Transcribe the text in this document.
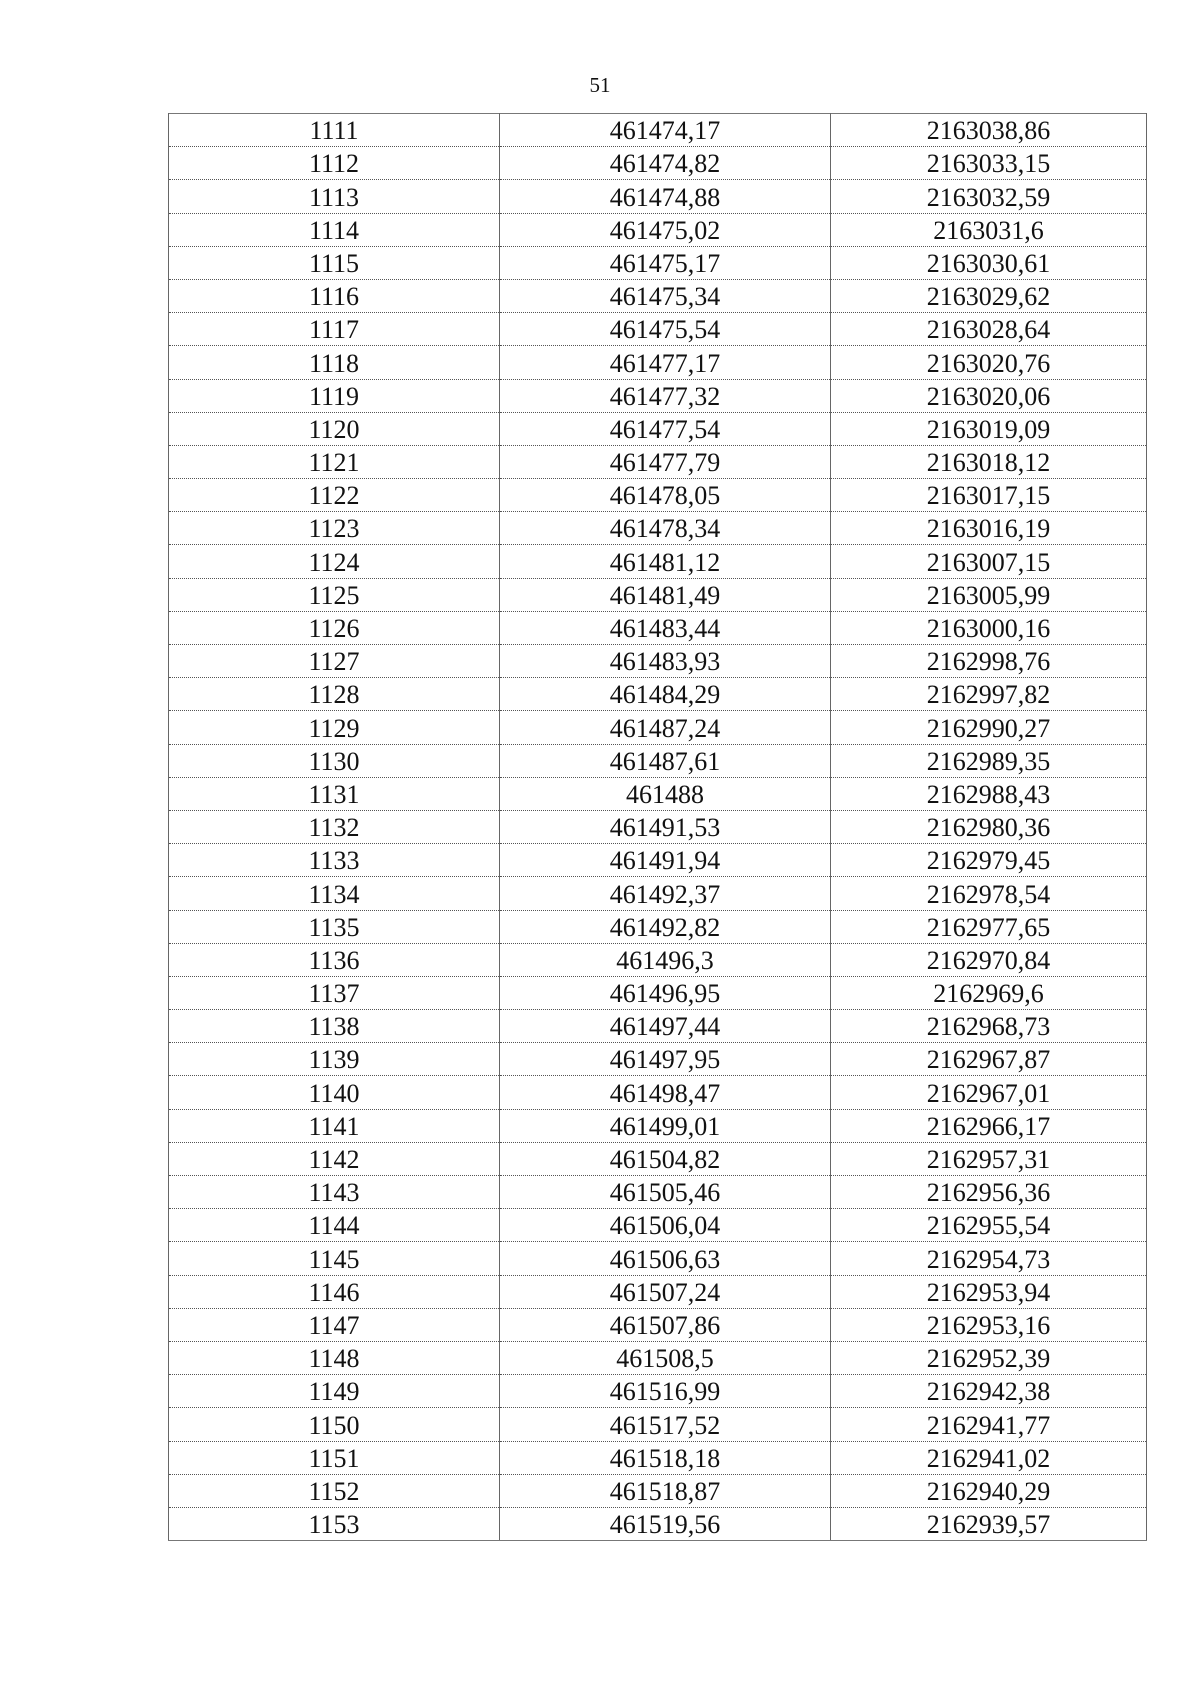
51
1111	461474,17	2163038,86
1112	461474,82	2163033,15
1113	461474,88	2163032,59
1114	461475,02	2163031,6
1115	461475,17	2163030,61
1116	461475,34	2163029,62
1117	461475,54	2163028,64
1118	461477,17	2163020,76
1119	461477,32	2163020,06
1120	461477,54	2163019,09
1121	461477,79	2163018,12
1122	461478,05	2163017,15
1123	461478,34	2163016,19
1124	461481,12	2163007,15
1125	461481,49	2163005,99
1126	461483,44	2163000,16
1127	461483,93	2162998,76
1128	461484,29	2162997,82
1129	461487,24	2162990,27
1130	461487,61	2162989,35
1131	461488	2162988,43
1132	461491,53	2162980,36
1133	461491,94	2162979,45
1134	461492,37	2162978,54
1135	461492,82	2162977,65
1136	461496,3	2162970,84
1137	461496,95	2162969,6
1138	461497,44	2162968,73
1139	461497,95	2162967,87
1140	461498,47	2162967,01
1141	461499,01	2162966,17
1142	461504,82	2162957,31
1143	461505,46	2162956,36
1144	461506,04	2162955,54
1145	461506,63	2162954,73
1146	461507,24	2162953,94
1147	461507,86	2162953,16
1148	461508,5	2162952,39
1149	461516,99	2162942,38
1150	461517,52	2162941,77
1151	461518,18	2162941,02
1152	461518,87	2162940,29
1153	461519,56	2162939,57
